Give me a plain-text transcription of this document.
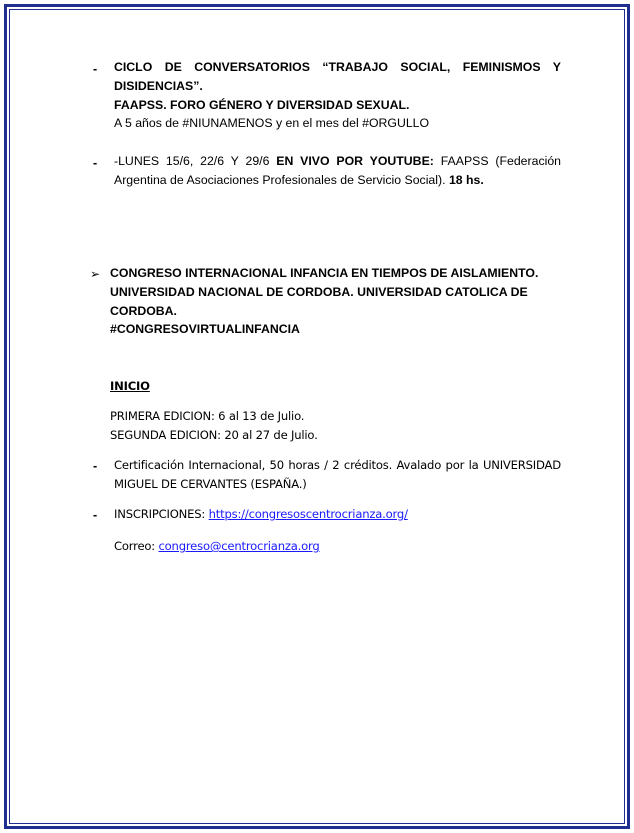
- CICLO DE CONVERSATORIOS “TRABAJO SOCIAL, FEMINISMOS Y DISIDENCIAS”.
FAAPSS. FORO GÉNERO Y DIVERSIDAD SEXUAL.
A 5 años de #NIUNAMENOS y en el mes del #ORGULLO
- -LUNES 15/6, 22/6 Y 29/6 EN VIVO POR YOUTUBE: FAAPSS (Federación Argentina de Asociaciones Profesionales de Servicio Social). 18 hs.
➢ CONGRESO INTERNACIONAL INFANCIA EN TIEMPOS DE AISLAMIENTO.
UNIVERSIDAD NACIONAL DE CORDOBA. UNIVERSIDAD CATOLICA DE CORDOBA.
#CONGRESOVIRTUALINFANCIA
INICIO
PRIMERA EDICION: 6 al 13 de Julio.
SEGUNDA EDICION: 20 al 27 de Julio.
- Certificación Internacional, 50 horas / 2 créditos. Avalado por la UNIVERSIDAD MIGUEL DE CERVANTES (ESPAÑA.)
- INSCRIPCIONES: https://congresoscentrocrianza.org/
Correo: congreso@centrocrianza.org
